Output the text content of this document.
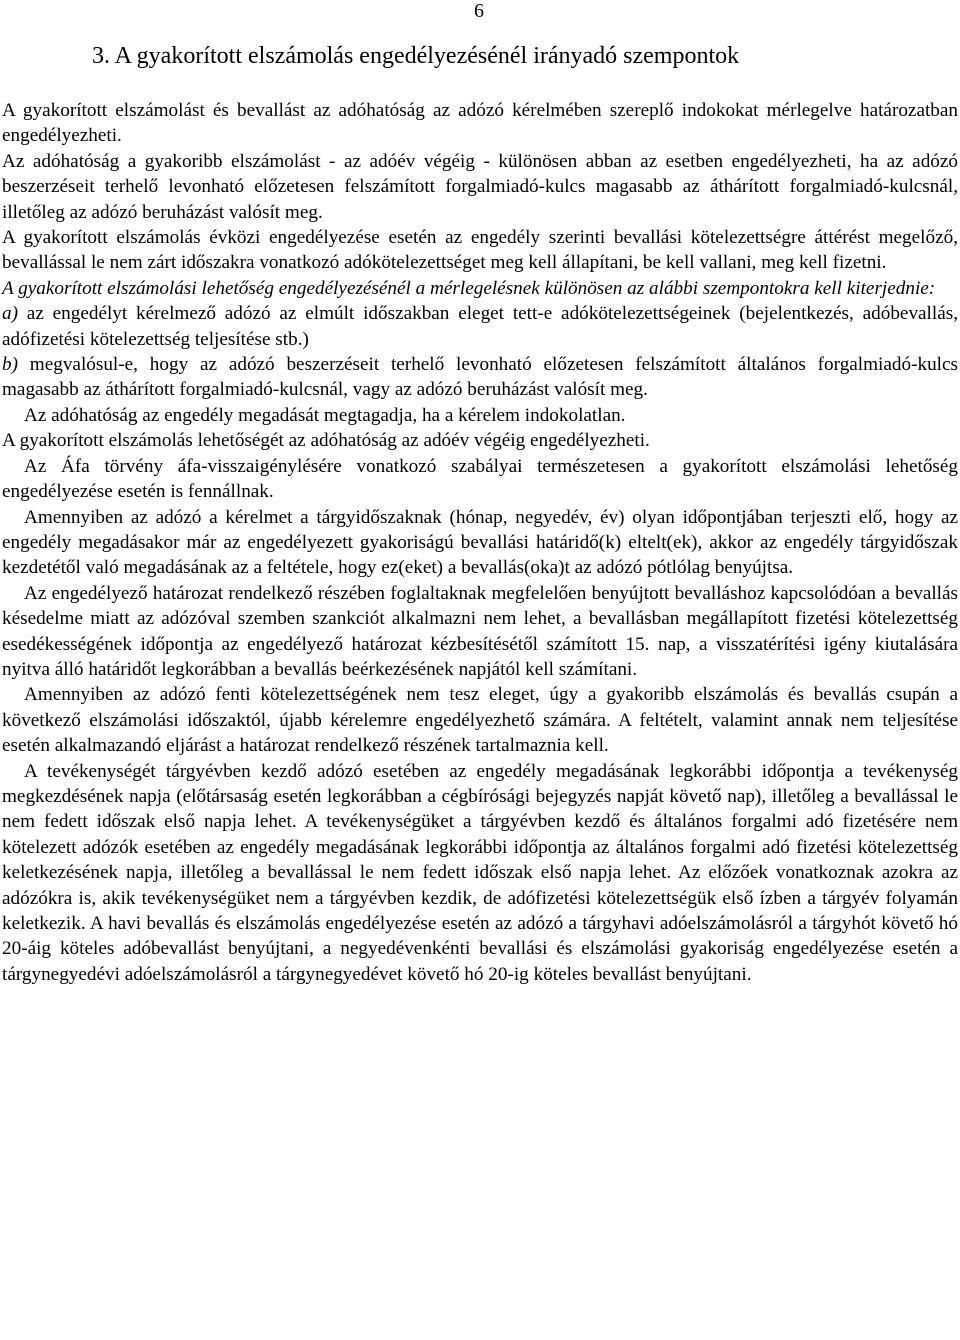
6
3. A gyakorított elszámolás engedélyezésénél irányadó szempontok

A gyakorított elszámolást és bevallást az adóhatóság az adózó kérelmében szereplő indokokat mérlegelve határozatban engedélyezheti.

Az adóhatóság a gyakoribb elszámolást - az adóév végéig - különösen abban az esetben engedélyezheti, ha az adózó beszerzéseit terhelő levonható előzetesen felszámított forgalmiadó-kulcs magasabb az áthárított forgalmiadó-kulcsnál, illetőleg az adózó beruházást valósít meg.

A gyakorított elszámolás évközi engedélyezése esetén az engedély szerinti bevallási kötelezettségre áttérést megelőző, bevallással le nem zárt időszakra vonatkozó adókötelezettséget meg kell állapítani, be kell vallani, meg kell fizetni.

A gyakorított elszámolási lehetőség engedélyezésénél a mérlegelésnek különösen az alábbi szempontokra kell kiterjednie:

a) az engedélyt kérelmező adózó az elmúlt időszakban eleget tett-e adókötelezettségeinek (bejelentkezés, adóbevallás, adófizetési kötelezettség teljesítése stb.)

b) megvalósul-e, hogy az adózó beszerzéseit terhelő levonható előzetesen felszámított általános forgalmiadó-kulcs magasabb az áthárított forgalmiadó-kulcsnál, vagy az adózó beruházást valósít meg.

Az adóhatóság az engedély megadását megtagadja, ha a kérelem indokolatlan.

A gyakorított elszámolás lehetőségét az adóhatóság az adóév végéig engedélyezheti.

Az Áfa törvény áfa-visszaigénylésére vonatkozó szabályai természetesen a gyakorított elszámolási lehetőség engedélyezése esetén is fennállnak.

Amennyiben az adózó a kérelmet a tárgyidőszaknak (hónap, negyedév, év) olyan időpontjában terjeszti elő, hogy az engedély megadásakor már az engedélyezett gyakoriságú bevallási határidő(k) eltelt(ek), akkor az engedély tárgyidőszak kezdetétől való megadásának az a feltétele, hogy ez(eket) a bevallás(oka)t az adózó pótlólag benyújtsa.

Az engedélyező határozat rendelkező részében foglaltaknak megfelelően benyújtott bevalláshoz kapcsolódóan a bevallás késedelme miatt az adózóval szemben szankciót alkalmazni nem lehet, a bevallásban megállapított fizetési kötelezettség esedékességének időpontja az engedélyező határozat kézbesítésétől számított 15. nap, a visszatérítési igény kiutalására nyitva álló határidőt legkorábban a bevallás beérkezésének napjától kell számítani.

Amennyiben az adózó fenti kötelezettségének nem tesz eleget, úgy a gyakoribb elszámolás és bevallás csupán a következő elszámolási időszaktól, újabb kérelemre engedélyezhető számára. A feltételt, valamint annak nem teljesítése esetén alkalmazandó eljárást a határozat rendelkező részének tartalmaznia kell.

A tevékenységét tárgyévben kezdő adózó esetében az engedély megadásának legkorábbi időpontja a tevékenység megkezdésének napja (előtársaság esetén legkorábban a cégbírósági bejegyzés napját követő nap), illetőleg a bevallással le nem fedett időszak első napja lehet. A tevékenységüket a tárgyévben kezdő és általános forgalmi adó fizetésére nem kötelezett adózók esetében az engedély megadásának legkorábbi időpontja az általános forgalmi adó fizetési kötelezettség keletkezésének napja, illetőleg a bevallással le nem fedett időszak első napja lehet. Az előzőek vonatkoznak azokra az adózókra is, akik tevékenységüket nem a tárgyévben kezdik, de adófizetési kötelezettségük első ízben a tárgyév folyamán keletkezik. A havi bevallás és elszámolás engedélyezése esetén az adózó a tárgyhavi adóelszámolásról a tárgyhót követő hó 20-áig köteles adóbevallást benyújtani, a negyedévenkénti bevallási és elszámolási gyakoriság engedélyezése esetén a tárgynegyedévi adóelszámolásról a tárgynegyedévet követő hó 20-ig köteles bevallást benyújtani.
